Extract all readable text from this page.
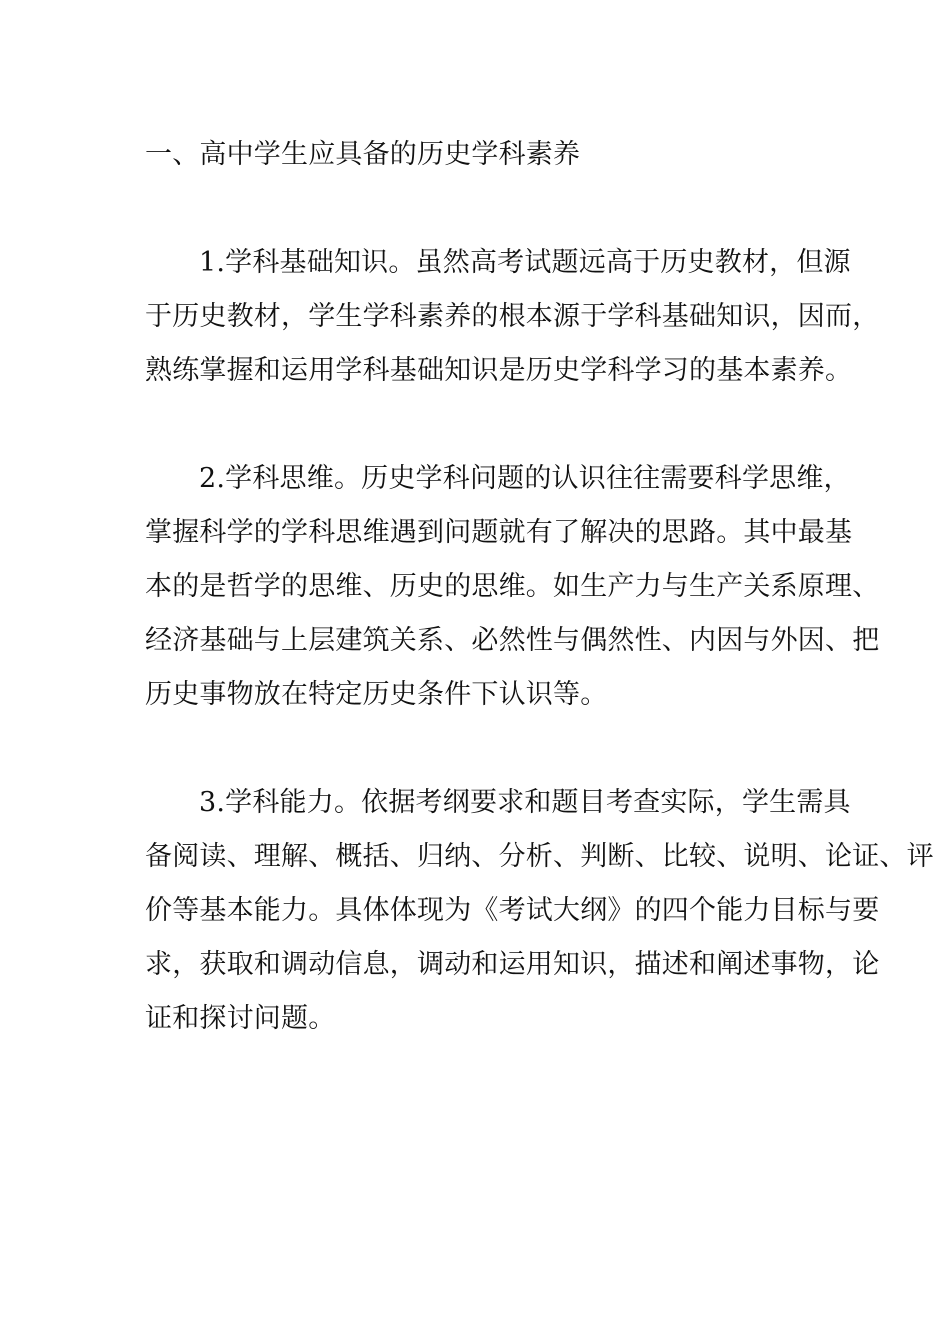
一、高中学生应具备的历史学科素养
1.学科基础知识。虽然高考试题远高于历史教材，但源
于历史教材，学生学科素养的根本源于学科基础知识，因而，
熟练掌握和运用学科基础知识是历史学科学习的基本素养。
2.学科思维。历史学科问题的认识往往需要科学思维，
掌握科学的学科思维遇到问题就有了解决的思路。其中最基
本的是哲学的思维、历史的思维。如生产力与生产关系原理、
经济基础与上层建筑关系、必然性与偶然性、内因与外因、把
历史事物放在特定历史条件下认识等。
3.学科能力。依据考纲要求和题目考查实际，学生需具
备阅读、理解、概括、归纳、分析、判断、比较、说明、论证、评
价等基本能力。具体体现为《考试大纲》的四个能力目标与要
求，获取和调动信息，调动和运用知识，描述和阐述事物，论
证和探讨问题。
